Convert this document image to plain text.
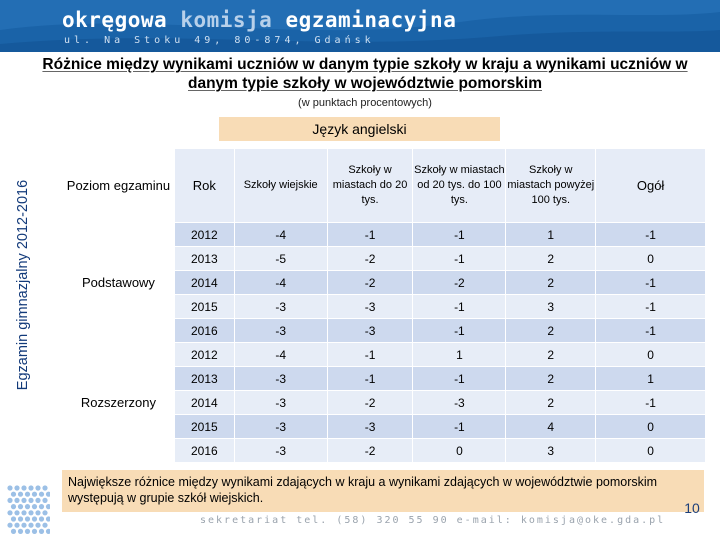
okręgowa komisja egzaminacyjna
ul. Na Stoku 49, 80-874, Gdańsk
Różnice między wynikami uczniów w danym typie szkoły w kraju a wynikami uczniów w danym typie szkoły w województwie pomorskim
(w punktach procentowych)
Egzamin gimnazjalny 2012-2016
Język angielski
Poziom egzaminu	Rok	Szkoły wiejskie	Szkoły w miastach do 20 tys.	Szkoły w miastach od 20 tys. do 100 tys.	Szkoły w miastach powyżej 100 tys.	Ogół
Podstawowy	2012	-4	-1	-1	1	-1
	2013	-5	-2	-1	2	0
	2014	-4	-2	-2	2	-1
	2015	-3	-3	-1	3	-1
	2016	-3	-3	-1	2	-1
Rozszerzony	2012	-4	-1	1	2	0
	2013	-3	-1	-1	2	1
	2014	-3	-2	-3	2	-1
	2015	-3	-3	-1	4	0
	2016	-3	-2	0	3	0
Największe różnice między wynikami zdających w kraju a wynikami zdających w województwie pomorskim występują w grupie szkół wiejskich.
sekretariat tel. (58) 320 55 90 e-mail: komisja@oke.gda.pl
10
